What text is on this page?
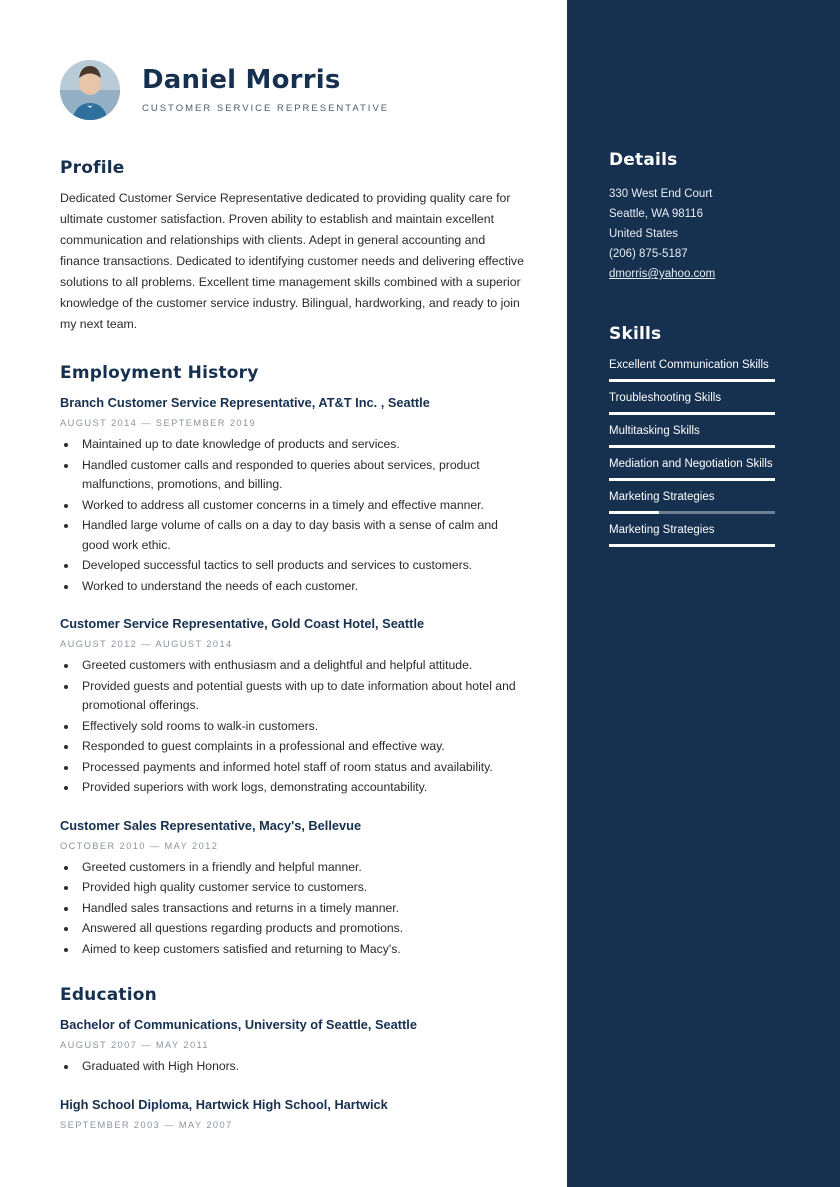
Daniel Morris
CUSTOMER SERVICE REPRESENTATIVE
Profile

Dedicated Customer Service Representative dedicated to providing quality care for ultimate customer satisfaction. Proven ability to establish and maintain excellent communication and relationships with clients. Adept in general accounting and finance transactions. Dedicated to identifying customer needs and delivering effective solutions to all problems. Excellent time management skills combined with a superior knowledge of the customer service industry. Bilingual, hardworking, and ready to join my next team.

Employment History
Branch Customer Service Representative, AT&T Inc. , Seattle
AUGUST 2014 — SEPTEMBER 2019
• Maintained up to date knowledge of products and services.
• Handled customer calls and responded to queries about services, product malfunctions, promotions, and billing.
• Worked to address all customer concerns in a timely and effective manner.
• Handled large volume of calls on a day to day basis with a sense of calm and good work ethic.
• Developed successful tactics to sell products and services to customers.
• Worked to understand the needs of each customer.
Customer Service Representative, Gold Coast Hotel, Seattle
AUGUST 2012 — AUGUST 2014
• Greeted customers with enthusiasm and a delightful and helpful attitude.
• Provided guests and potential guests with up to date information about hotel and promotional offerings.
• Effectively sold rooms to walk-in customers.
• Responded to guest complaints in a professional and effective way.
• Processed payments and informed hotel staff of room status and availability.
• Provided superiors with work logs, demonstrating accountability.
Customer Sales Representative, Macy's, Bellevue
OCTOBER 2010 — MAY 2012
• Greeted customers in a friendly and helpful manner.
• Provided high quality customer service to customers.
• Handled sales transactions and returns in a timely manner.
• Answered all questions regarding products and promotions.
• Aimed to keep customers satisfied and returning to Macy's.
Education
Bachelor of Communications, University of Seattle, Seattle
AUGUST 2007 — MAY 2011
• Graduated with High Honors.
High School Diploma, Hartwick High School, Hartwick
SEPTEMBER 2003 — MAY 2007
Details
330 West End Court
Seattle, WA 98116
United States
(206) 875-5187
dmorris@yahoo.com
Skills
Excellent Communication Skills
Troubleshooting Skills
Multitasking Skills
Mediation and Negotiation Skills
Marketing Strategies
Marketing Strategies
